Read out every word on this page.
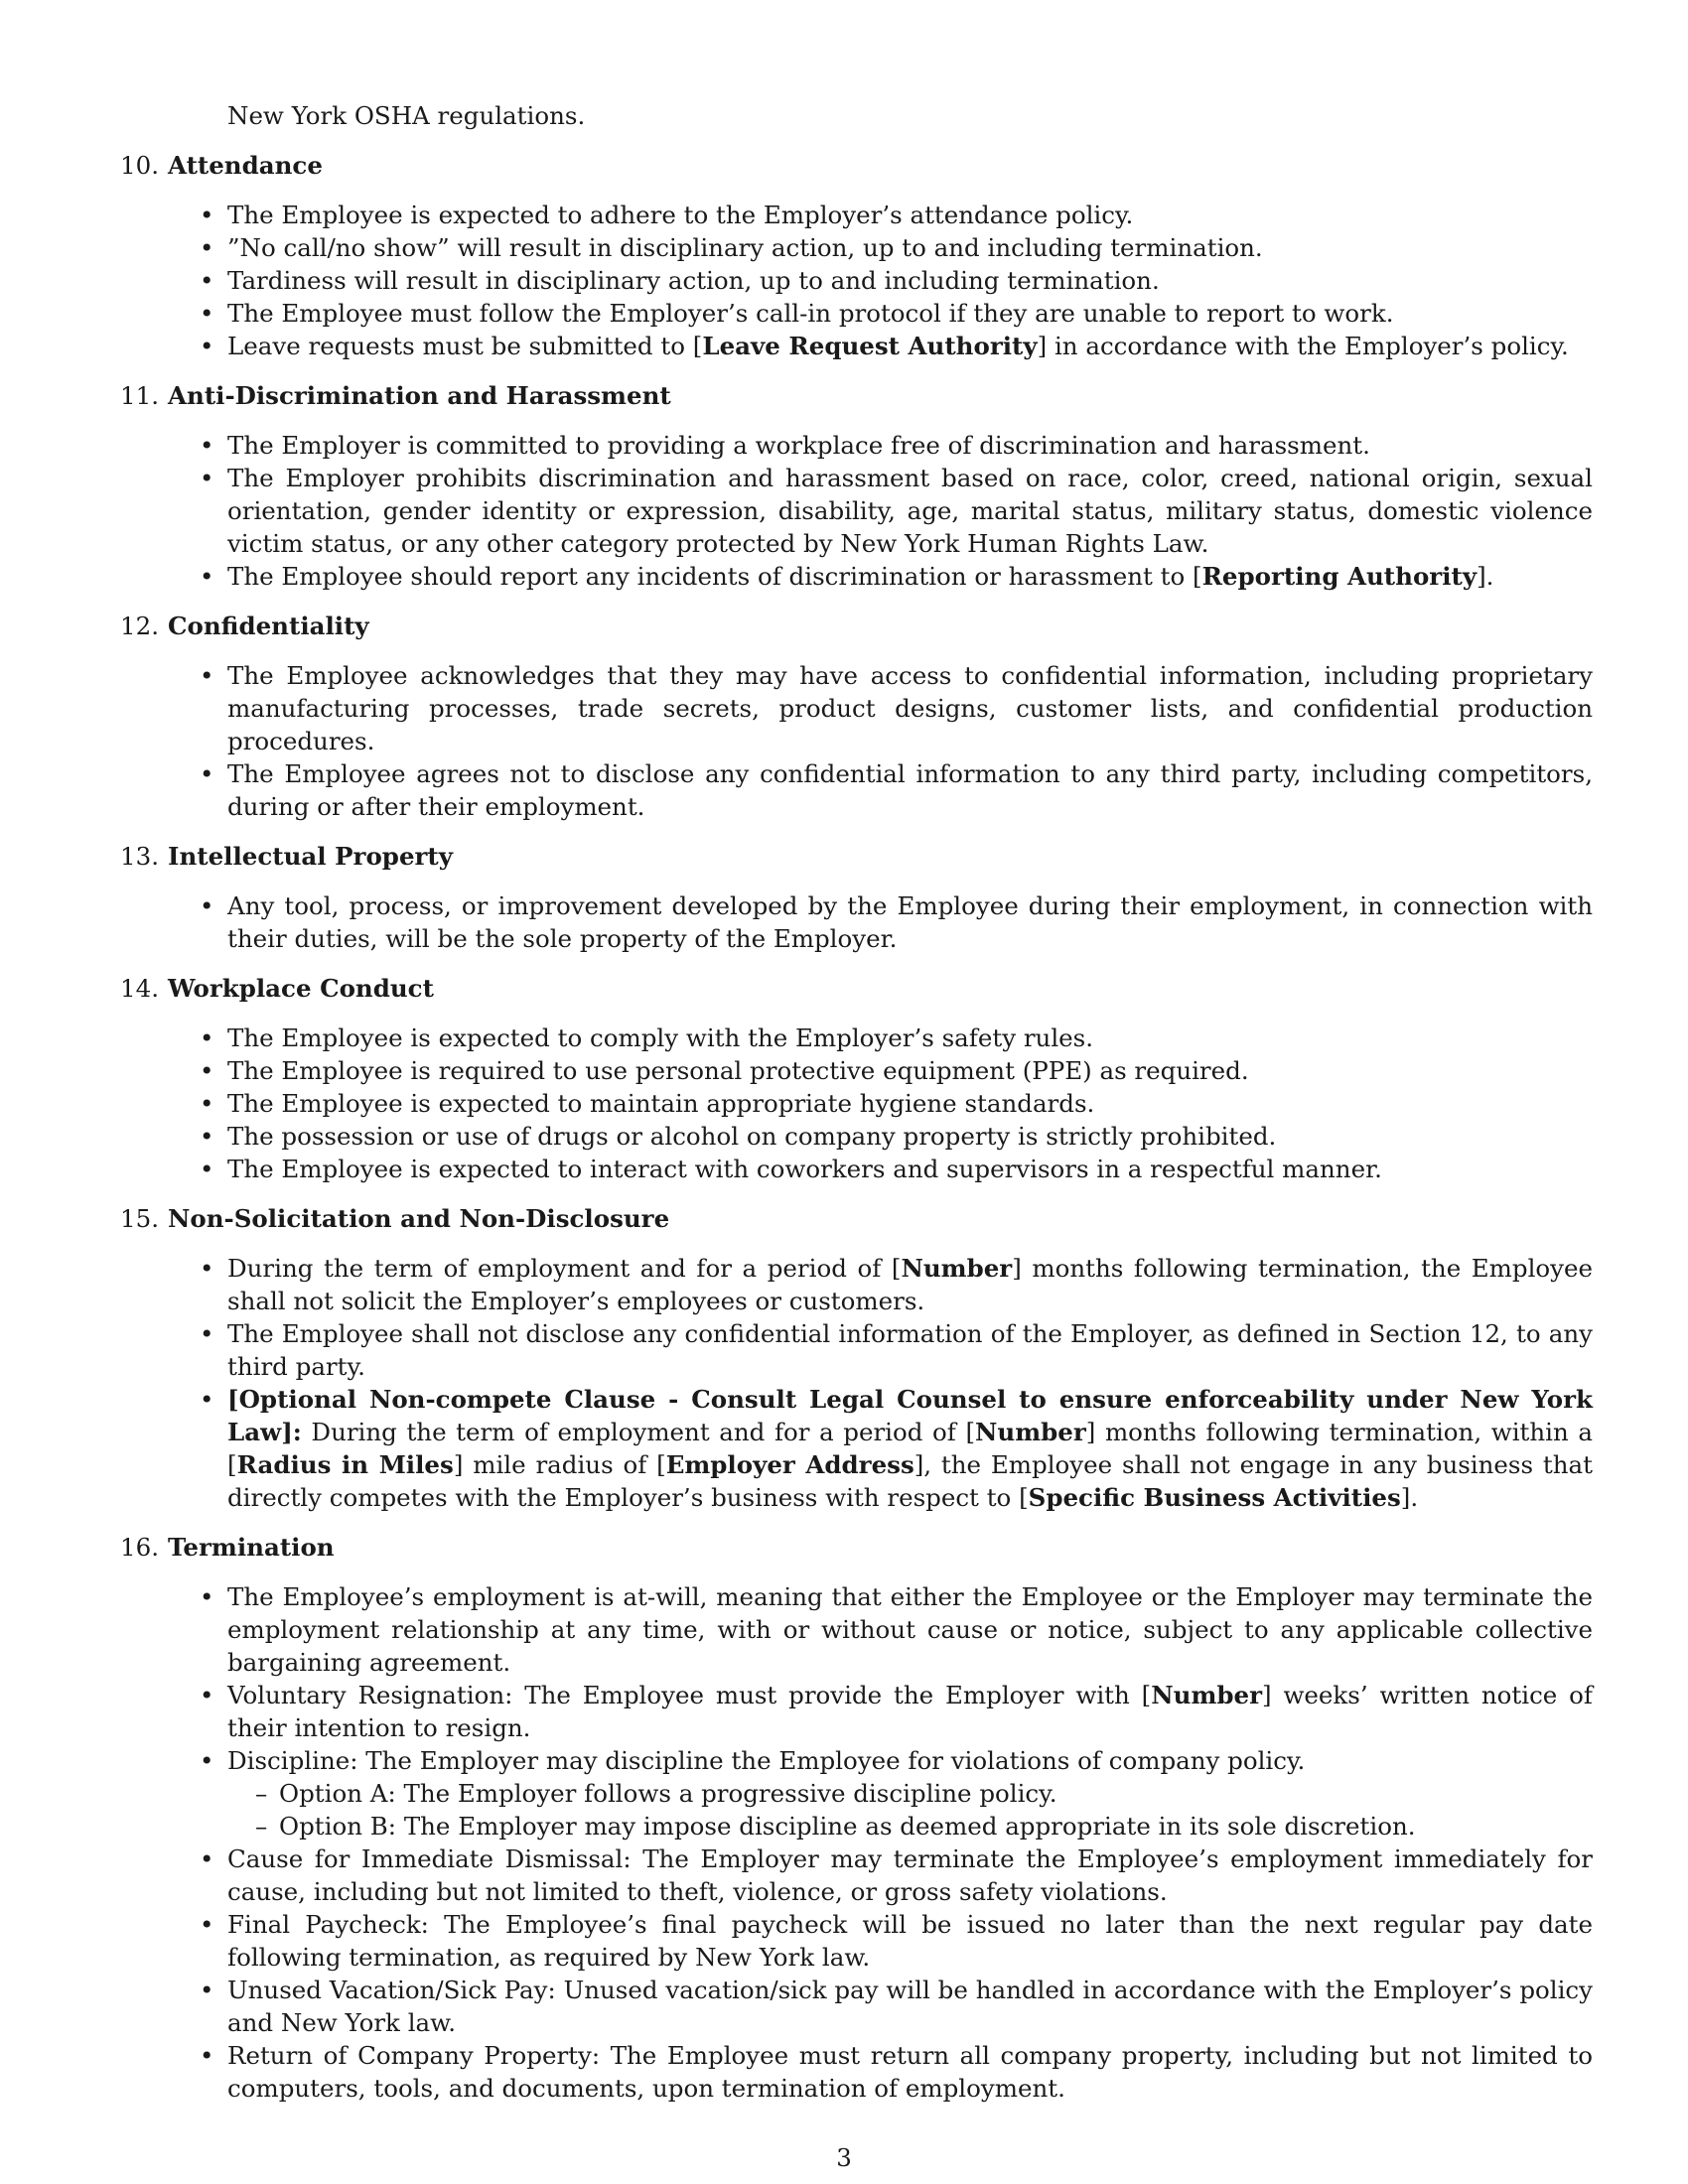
New York OSHA regulations.
10. Attendance
• The Employee is expected to adhere to the Employer’s attendance policy.
• ”No call/no show” will result in disciplinary action, up to and including termination.
• Tardiness will result in disciplinary action, up to and including termination.
• The Employee must follow the Employer’s call-in protocol if they are unable to report to work.
• Leave requests must be submitted to [Leave Request Authority] in accordance with the Employer’s policy.
11. Anti-Discrimination and Harassment
• The Employer is committed to providing a workplace free of discrimination and harassment.
• The Employer prohibits discrimination and harassment based on race, color, creed, national origin, sexual orientation, gender identity or expression, disability, age, marital status, military status, domestic violence victim status, or any other category protected by New York Human Rights Law.
• The Employee should report any incidents of discrimination or harassment to [Reporting Authority].
12. Confidentiality
• The Employee acknowledges that they may have access to confidential information, including proprietary manufacturing processes, trade secrets, product designs, customer lists, and confidential production procedures.
• The Employee agrees not to disclose any confidential information to any third party, including competitors, during or after their employment.
13. Intellectual Property
• Any tool, process, or improvement developed by the Employee during their employment, in connection with their duties, will be the sole property of the Employer.
14. Workplace Conduct
• The Employee is expected to comply with the Employer’s safety rules.
• The Employee is required to use personal protective equipment (PPE) as required.
• The Employee is expected to maintain appropriate hygiene standards.
• The possession or use of drugs or alcohol on company property is strictly prohibited.
• The Employee is expected to interact with coworkers and supervisors in a respectful manner.
15. Non-Solicitation and Non-Disclosure
• During the term of employment and for a period of [Number] months following termination, the Employee shall not solicit the Employer’s employees or customers.
• The Employee shall not disclose any confidential information of the Employer, as defined in Section 12, to any third party.
• [Optional Non-compete Clause - Consult Legal Counsel to ensure enforceability under New York Law]: During the term of employment and for a period of [Number] months following termination, within a [Radius in Miles] mile radius of [Employer Address], the Employee shall not engage in any business that directly competes with the Employer’s business with respect to [Specific Business Activities].
16. Termination
• The Employee’s employment is at-will, meaning that either the Employee or the Employer may terminate the employment relationship at any time, with or without cause or notice, subject to any applicable collective bargaining agreement.
• Voluntary Resignation: The Employee must provide the Employer with [Number] weeks’ written notice of their intention to resign.
• Discipline: The Employer may discipline the Employee for violations of company policy.
– Option A: The Employer follows a progressive discipline policy.
– Option B: The Employer may impose discipline as deemed appropriate in its sole discretion.
• Cause for Immediate Dismissal: The Employer may terminate the Employee’s employment immediately for cause, including but not limited to theft, violence, or gross safety violations.
• Final Paycheck: The Employee’s final paycheck will be issued no later than the next regular pay date following termination, as required by New York law.
• Unused Vacation/Sick Pay: Unused vacation/sick pay will be handled in accordance with the Employer’s policy and New York law.
• Return of Company Property: The Employee must return all company property, including but not limited to computers, tools, and documents, upon termination of employment.
3
